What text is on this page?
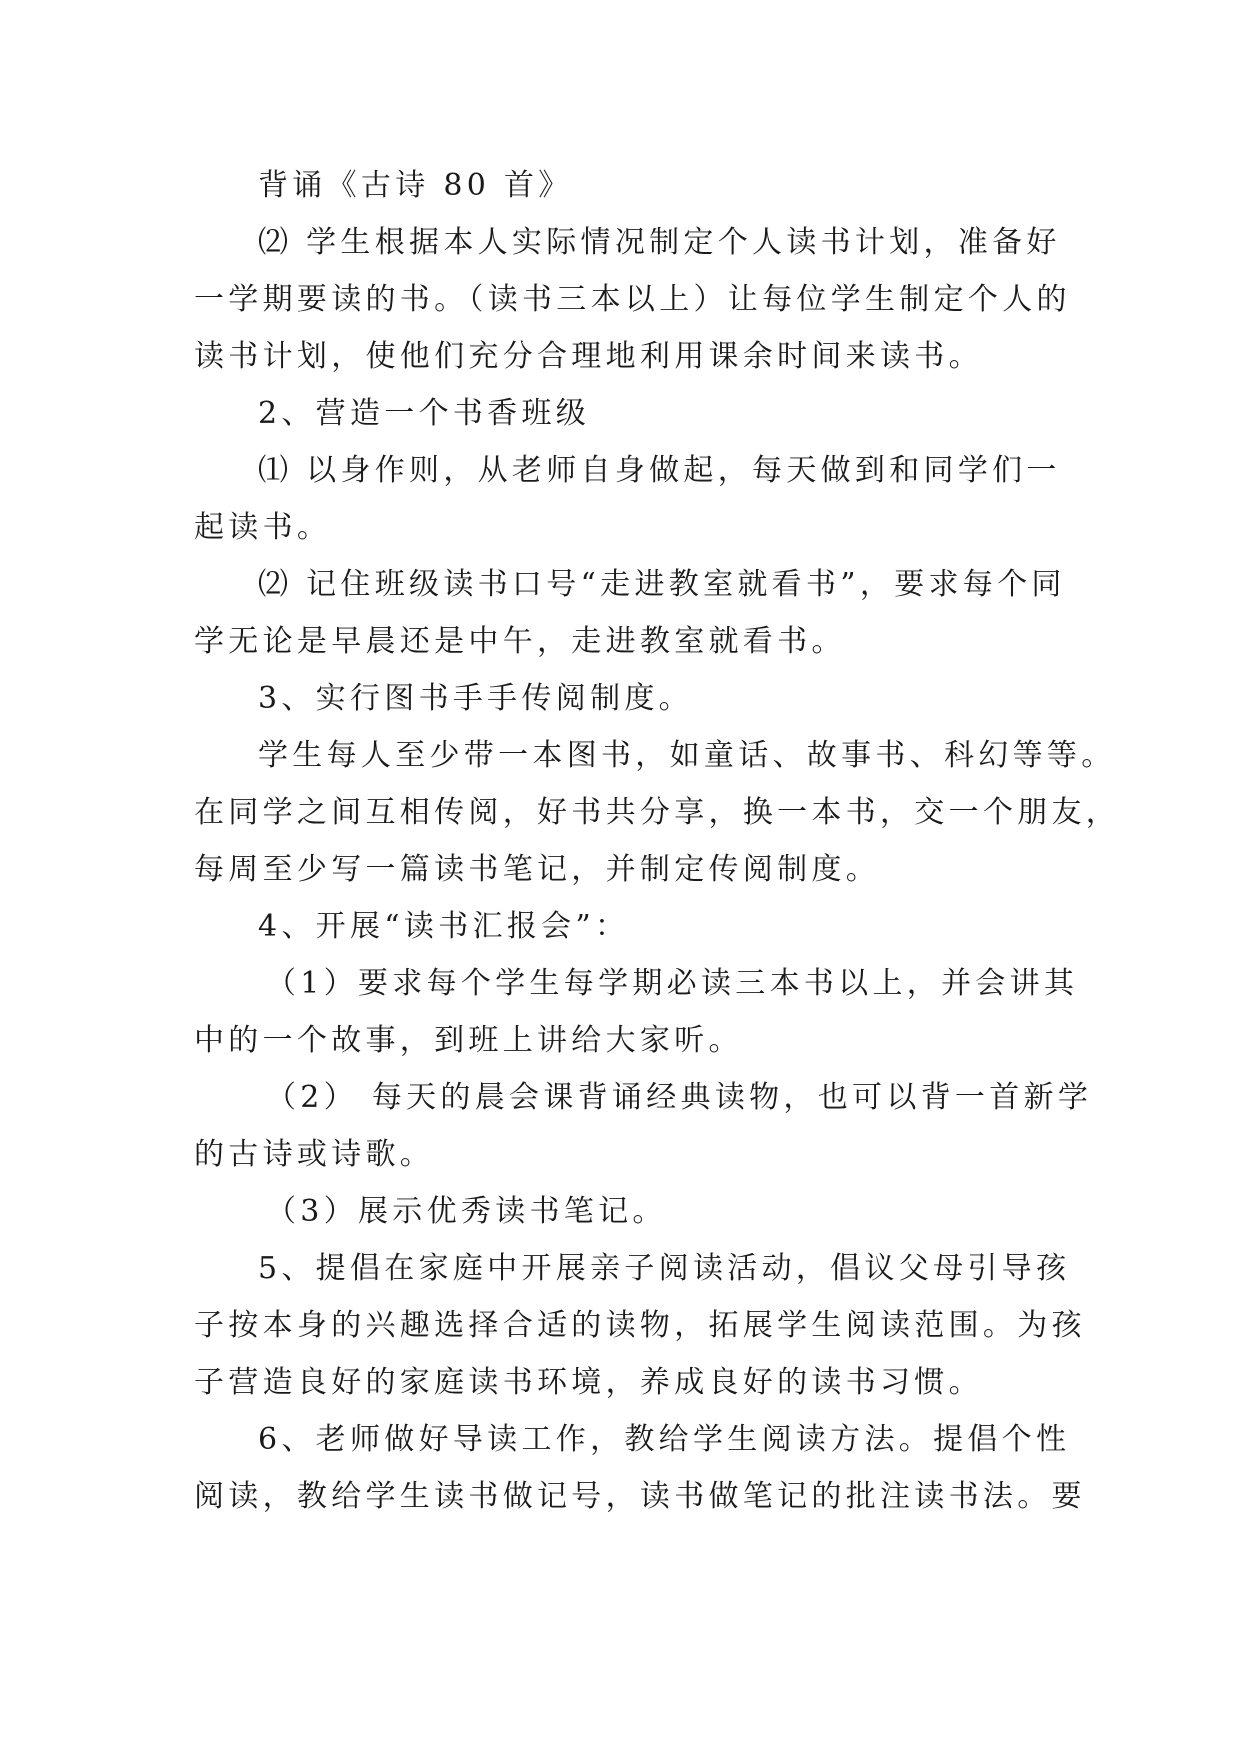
背诵《古诗 80 首》
⑵ 学生根据本人实际情况制定个人读书计划，准备好
一学期要读的书。（读书三本以上）让每位学生制定个人的
读书计划，使他们充分合理地利用课余时间来读书。
2、营造一个书香班级
⑴ 以身作则，从老师自身做起，每天做到和同学们一
起读书。
⑵ 记住班级读书口号“走进教室就看书”，要求每个同
学无论是早晨还是中午，走进教室就看书。
3、实行图书手手传阅制度。
学生每人至少带一本图书，如童话、故事书、科幻等等。
在同学之间互相传阅，好书共分享，换一本书，交一个朋友，
每周至少写一篇读书笔记，并制定传阅制度。
4、开展“读书汇报会”：
（1）要求每个学生每学期必读三本书以上，并会讲其
中的一个故事，到班上讲给大家听。
（2） 每天的晨会课背诵经典读物，也可以背一首新学
的古诗或诗歌。
（3）展示优秀读书笔记。
5、提倡在家庭中开展亲子阅读活动，倡议父母引导孩
子按本身的兴趣选择合适的读物，拓展学生阅读范围。为孩
子营造良好的家庭读书环境，养成良好的读书习惯。
6、老师做好导读工作，教给学生阅读方法。提倡个性
阅读，教给学生读书做记号，读书做笔记的批注读书法。要
